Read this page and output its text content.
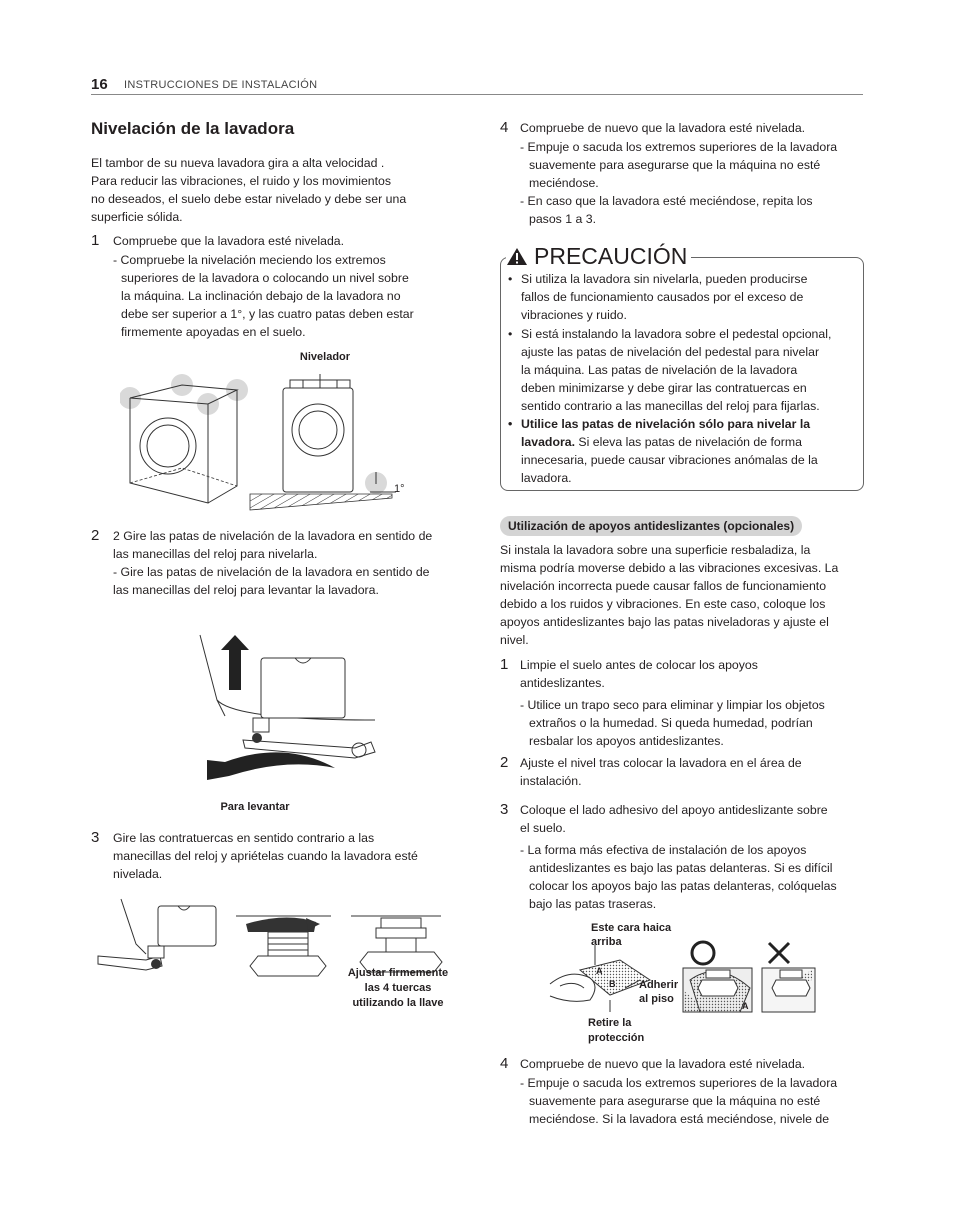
16 INSTRUCCIONES DE INSTALACIÓN
Nivelación de la lavadora
El tambor de su nueva lavadora gira a alta velocidad .
Para reducir las vibraciones, el ruido y los movimientos
no deseados, el suelo debe estar nivelado y debe ser una
superficie sólida.
1 Compruebe que la lavadora esté nivelada.
- Compruebe la nivelación meciendo los extremos
superiores de la lavadora o colocando un nivel sobre
la máquina. La inclinación debajo de la lavadora no
debe ser superior a 1°, y las cuatro patas deben estar
firmemente apoyadas en el suelo.
Nivelador
1°
2 2 Gire las patas de nivelación de la lavadora en sentido de
las manecillas del reloj para nivelarla.
- Gire las patas de nivelación de la lavadora en sentido de
las manecillas del reloj para levantar la lavadora.
Para levantar
3 Gire las contratuercas en sentido contrario a las
manecillas del reloj y apriételas cuando la lavadora esté
nivelada.
Ajustar firmemente
las 4 tuercas
utilizando la llave
4 Compruebe de nuevo que la lavadora esté nivelada.
- Empuje o sacuda los extremos superiores de la lavadora
suavemente para asegurarse que la máquina no esté
meciéndose.
- En caso que la lavadora esté meciéndose, repita los
pasos 1 a 3.
PRECAUCIÓN
• Si utiliza la lavadora sin nivelarla, pueden producirse
fallos de funcionamiento causados por el exceso de
vibraciones y ruido.
• Si está instalando la lavadora sobre el pedestal opcional,
ajuste las patas de nivelación del pedestal para nivelar
la máquina. Las patas de nivelación de la lavadora
deben minimizarse y debe girar las contratuercas en
sentido contrario a las manecillas del reloj para fijarlas.
• Utilice las patas de nivelación sólo para nivelar la
lavadora. Si eleva las patas de nivelación de forma
innecesaria, puede causar vibraciones anómalas de la
lavadora.
Utilización de apoyos antideslizantes (opcionales)
Si instala la lavadora sobre una superficie resbaladiza, la
misma podría moverse debido a las vibraciones excesivas. La
nivelación incorrecta puede causar fallos de funcionamiento
debido a los ruidos y vibraciones. En este caso, coloque los
apoyos antideslizantes bajo las patas niveladoras y ajuste el
nivel.
1 Limpie el suelo antes de colocar los apoyos
antideslizantes.
- Utilice un trapo seco para eliminar y limpiar los objetos
extraños o la humedad. Si queda humedad, podrían
resbalar los apoyos antideslizantes.
2 Ajuste el nivel tras colocar la lavadora en el área de
instalación.
3 Coloque el lado adhesivo del apoyo antideslizante sobre
el suelo.
- La forma más efectiva de instalación de los apoyos
antideslizantes es bajo las patas delanteras. Si es difícil
colocar los apoyos bajo las patas delanteras, colóquelas
bajo las patas traseras.
Este cara haica
arriba
A
B
A
Adherir
al piso
Retire la
protección
4 Compruebe de nuevo que la lavadora esté nivelada.
- Empuje o sacuda los extremos superiores de la lavadora
suavemente para asegurarse que la máquina no esté
meciéndose. Si la lavadora está meciéndose, nivele de
